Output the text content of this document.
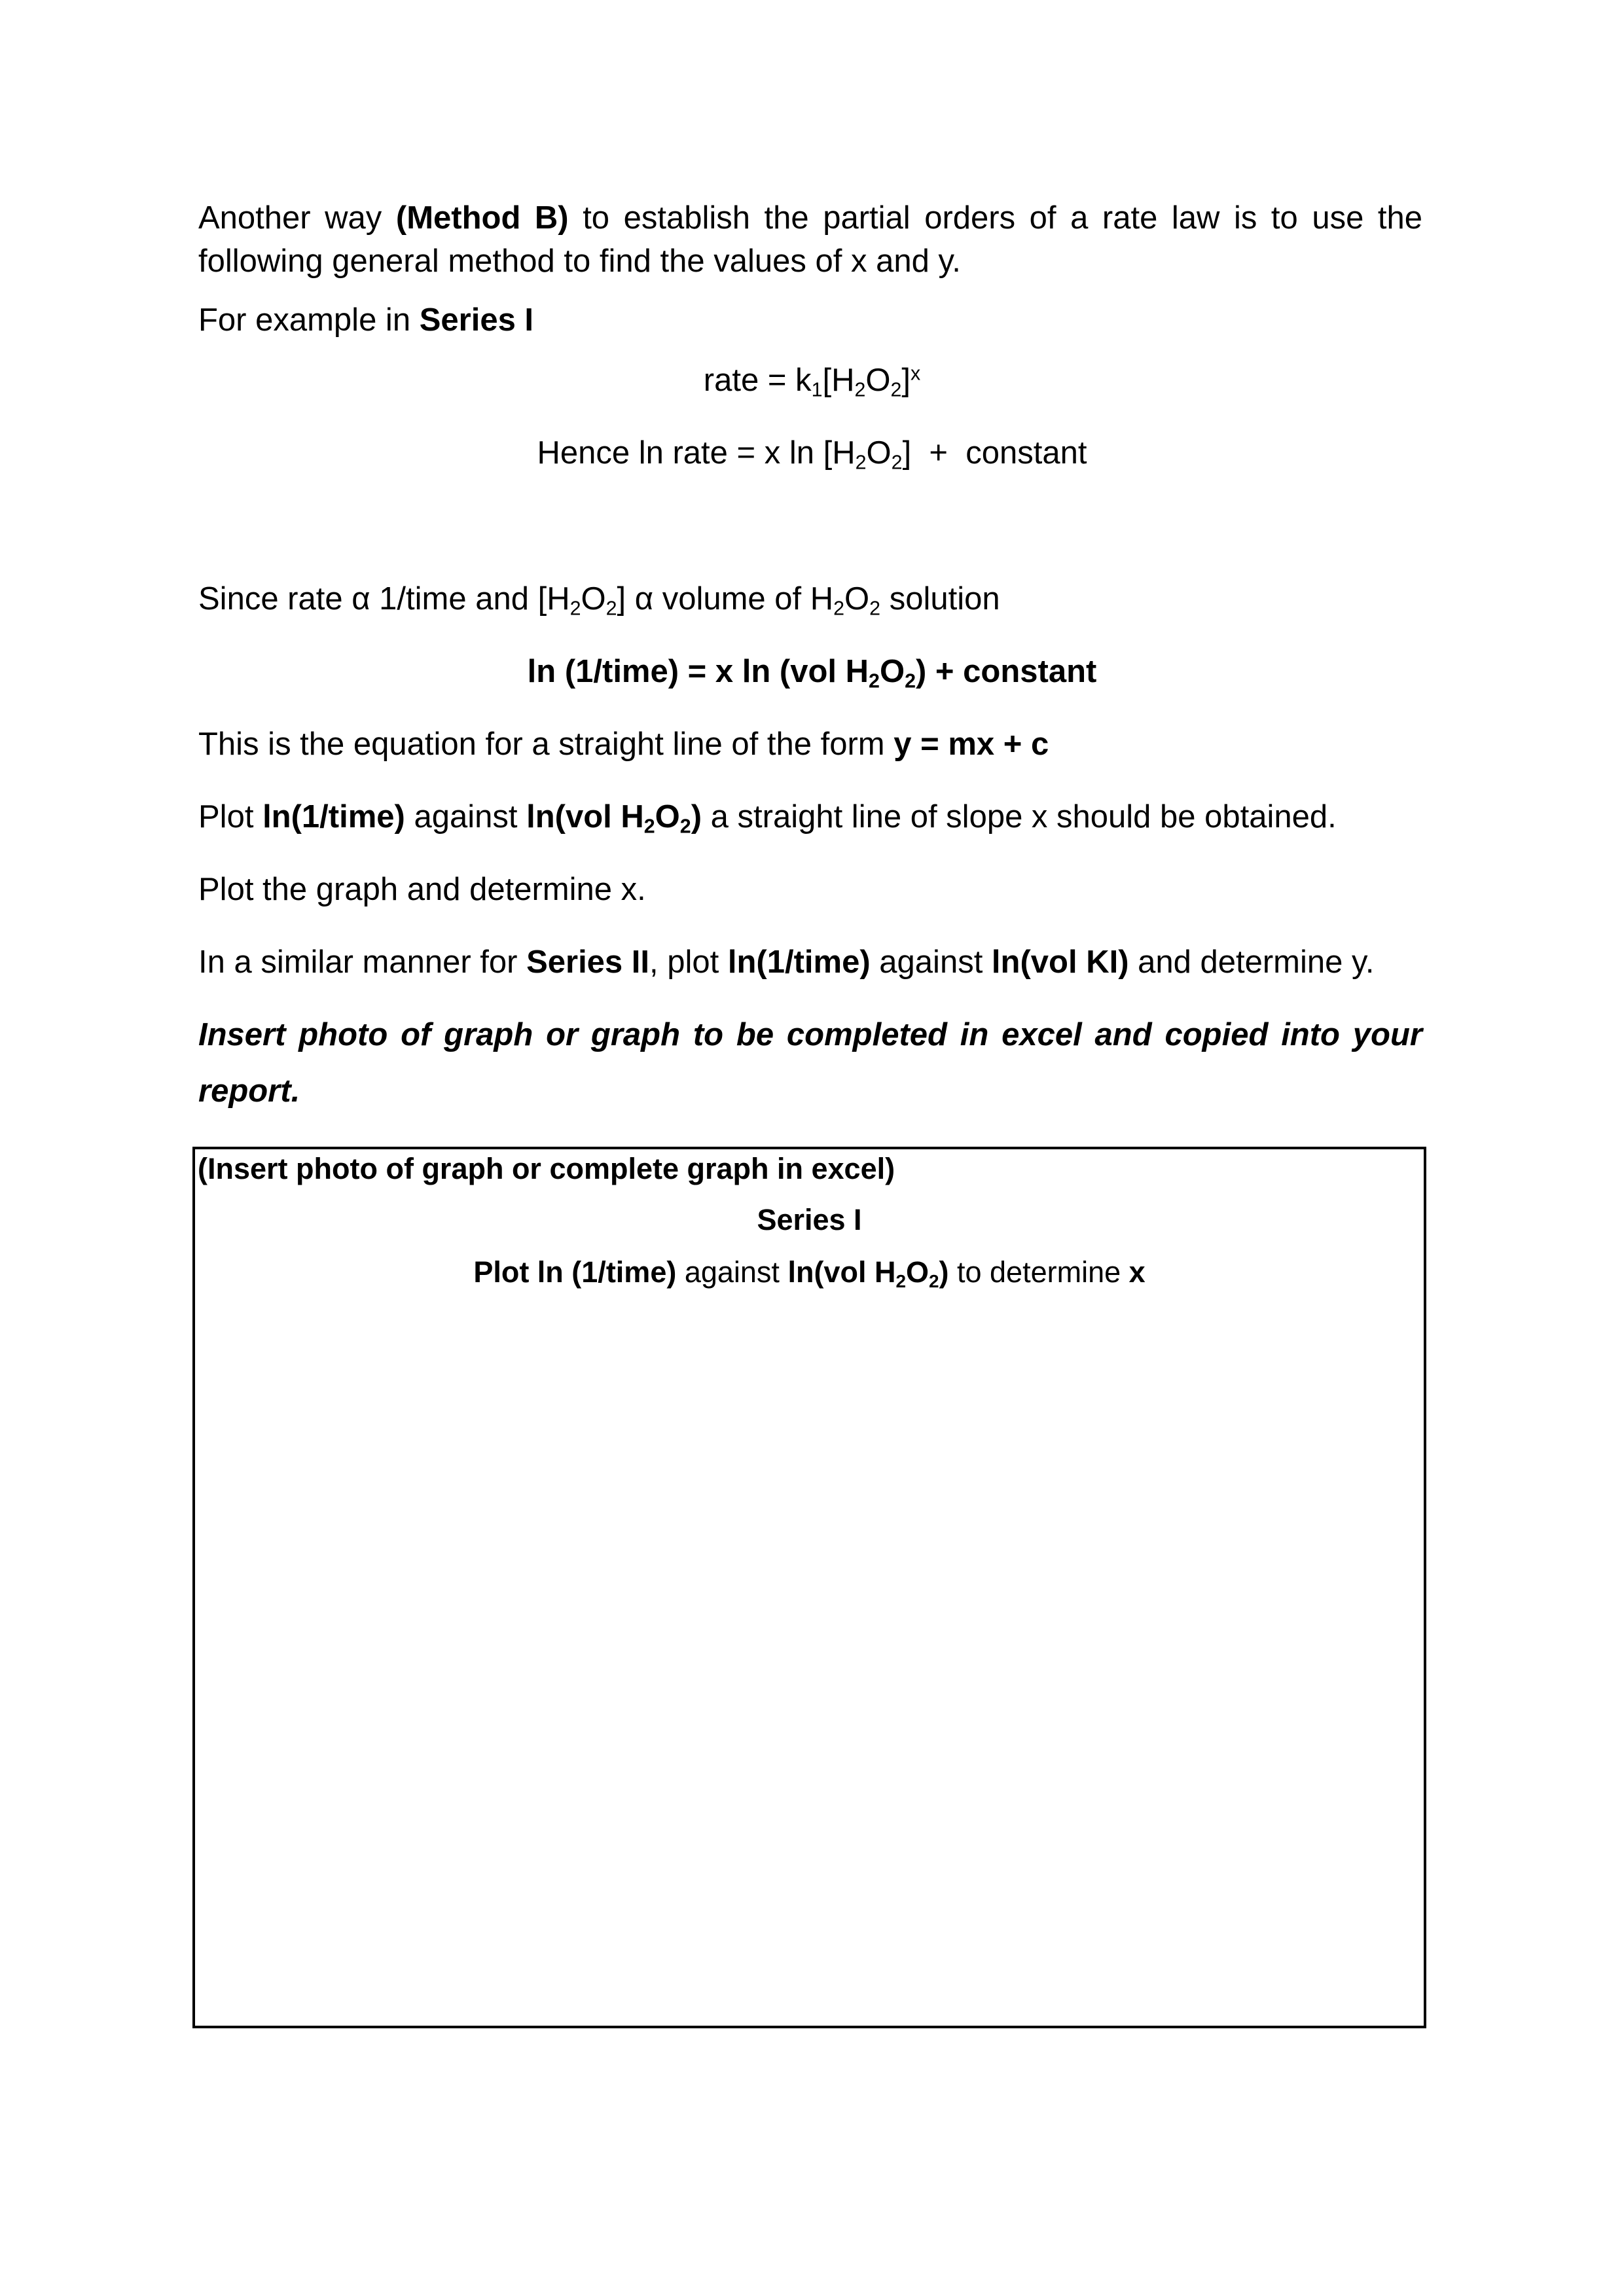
Another way (Method B) to establish the partial orders of a rate law is to use the
following general method to find the values of x and y.
For example in Series I
rate = $k_1[H_2O_2]^x$
Hence ln rate = x $\ln [H_2O_2]$  +  constant
Since rate α 1/time and $[H_2O_2]$ α volume of $H_2O_2$ solution
ln (1/time) = x ln (vol $H_2O_2$) + constant
This is the equation for a straight line of the form y = mx + c
Plot ln(1/time) against ln(vol $H_2O_2$) a straight line of slope x should be obtained.
Plot the graph and determine x.
In a similar manner for Series II, plot ln(1/time) against ln(vol KI) and determine y.
Insert photo of graph or graph to be completed in excel and copied into your
report.
(Insert photo of graph or complete graph in excel)
Series I
Plot ln (1/time) against ln(vol $H_2O_2$) to determine x
